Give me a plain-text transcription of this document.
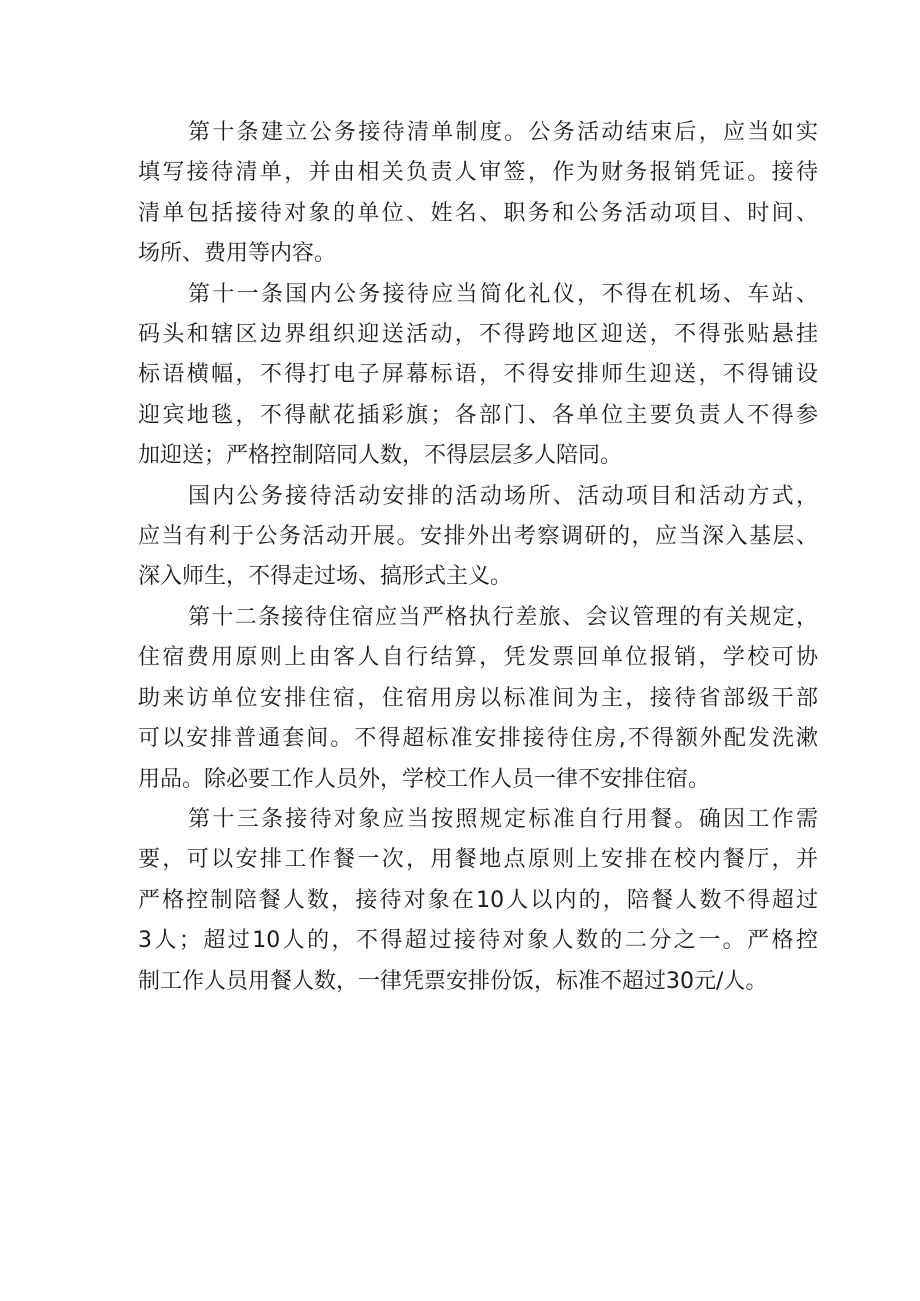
第十条建立公务接待清单制度。公务活动结束后，应当如实
填写接待清单，并由相关负责人审签，作为财务报销凭证。接待
清单包括接待对象的单位、姓名、职务和公务活动项目、时间、
场所、费用等内容。
第十一条国内公务接待应当简化礼仪，不得在机场、车站、
码头和辖区边界组织迎送活动，不得跨地区迎送，不得张贴悬挂
标语横幅，不得打电子屏幕标语，不得安排师生迎送，不得铺设
迎宾地毯，不得献花插彩旗；各部门、各单位主要负责人不得参
加迎送；严格控制陪同人数，不得层层多人陪同。
国内公务接待活动安排的活动场所、活动项目和活动方式，
应当有利于公务活动开展。安排外出考察调研的，应当深入基层、
深入师生，不得走过场、搞形式主义。
第十二条接待住宿应当严格执行差旅、会议管理的有关规定，
住宿费用原则上由客人自行结算，凭发票回单位报销，学校可协
助来访单位安排住宿，住宿用房以标准间为主，接待省部级干部
可以安排普通套间。不得超标准安排接待住房,不得额外配发洗漱
用品。除必要工作人员外，学校工作人员一律不安排住宿。
第十三条接待对象应当按照规定标准自行用餐。确因工作需
要，可以安排工作餐一次，用餐地点原则上安排在校内餐厅，并
严格控制陪餐人数，接待对象在10人以内的，陪餐人数不得超过
3人；超过10人的，不得超过接待对象人数的二分之一。严格控
制工作人员用餐人数，一律凭票安排份饭，标准不超过30元/人。
